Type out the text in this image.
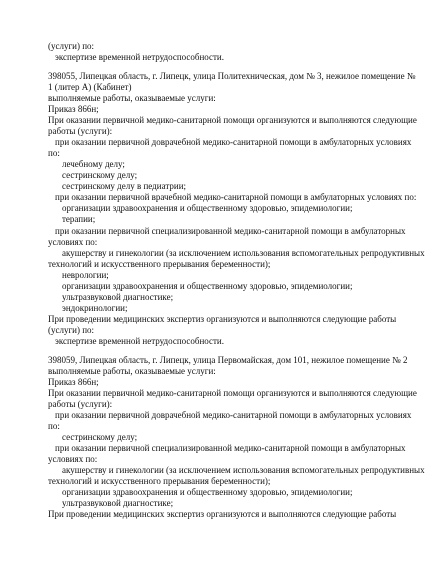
(услуги) по:
экспертизе временной нетрудоспособности.
398055, Липецкая область, г. Липецк, улица Политехническая, дом № 3, нежилое помещение №
1 (литер А) (Кабинет)
выполняемые работы, оказываемые услуги:
Приказ 866н;
При оказании первичной медико-санитарной помощи организуются и выполняются следующие
работы (услуги):
при оказании первичной доврачебной медико-санитарной помощи в амбулаторных условиях
по:
лечебному делу;
сестринскому делу;
сестринскому делу в педиатрии;
при оказании первичной врачебной медико-санитарной помощи в амбулаторных условиях по:
организации здравоохранения и общественному здоровью, эпидемиологии;
терапии;
при оказании первичной специализированной медико-санитарной помощи в амбулаторных
условиях по:
акушерству и гинекологии (за исключением использования вспомогательных репродуктивных
технологий и искусственного прерывания беременности);
неврологии;
организации здравоохранения и общественному здоровью, эпидемиологии;
ультразвуковой диагностике;
эндокринологии;
При проведении медицинских экспертиз организуются и выполняются следующие работы
(услуги) по:
экспертизе временной нетрудоспособности.
398059, Липецкая область, г. Липецк, улица Первомайская, дом 101, нежилое помещение № 2
выполняемые работы, оказываемые услуги:
Приказ 866н;
При оказании первичной медико-санитарной помощи организуются и выполняются следующие
работы (услуги):
при оказании первичной доврачебной медико-санитарной помощи в амбулаторных условиях
по:
сестринскому делу;
при оказании первичной специализированной медико-санитарной помощи в амбулаторных
условиях по:
акушерству и гинекологии (за исключением использования вспомогательных репродуктивных
технологий и искусственного прерывания беременности);
организации здравоохранения и общественному здоровью, эпидемиологии;
ультразвуковой диагностике;
При проведении медицинских экспертиз организуются и выполняются следующие работы
